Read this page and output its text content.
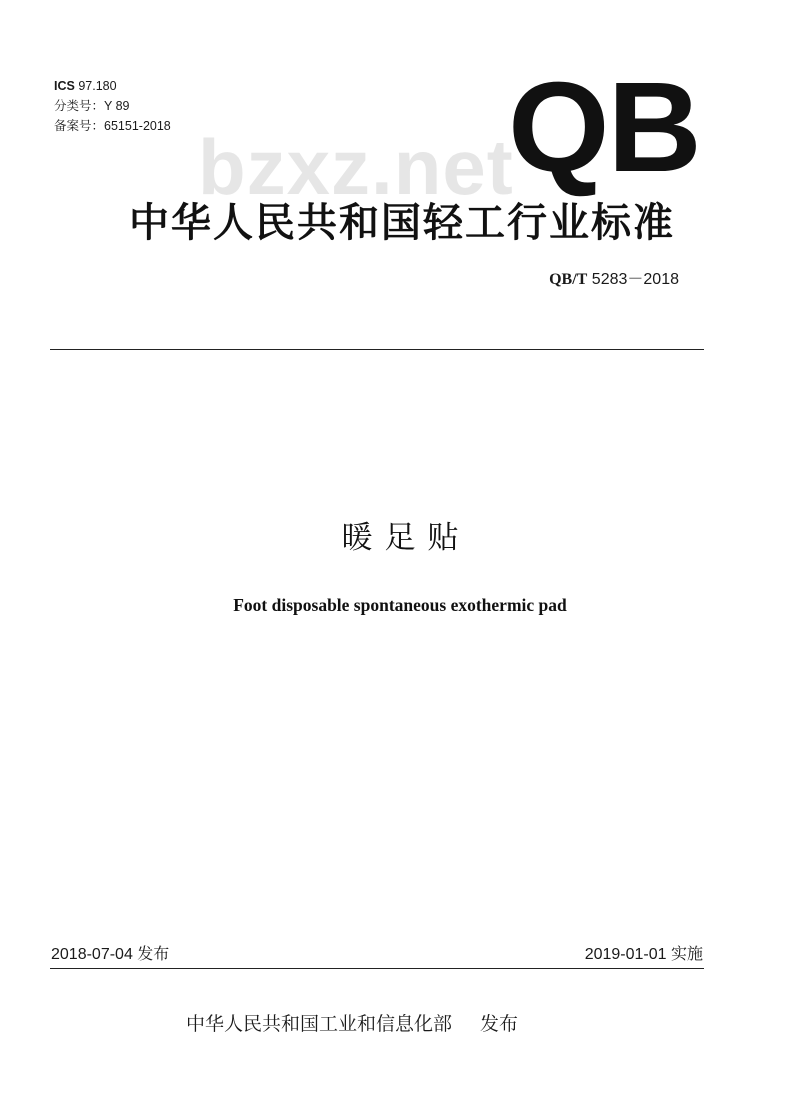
ICS 97.180
分类号：Y 89
备案号：65151-2018 bzxz.net
QB
中华人民共和国轻工行业标准
QB/T 5283－2018
暖足贴
Foot disposable spontaneous exothermic pad
2018-07-04 发布	2019-01-01 实施
中华人民共和国工业和信息化部 发布
